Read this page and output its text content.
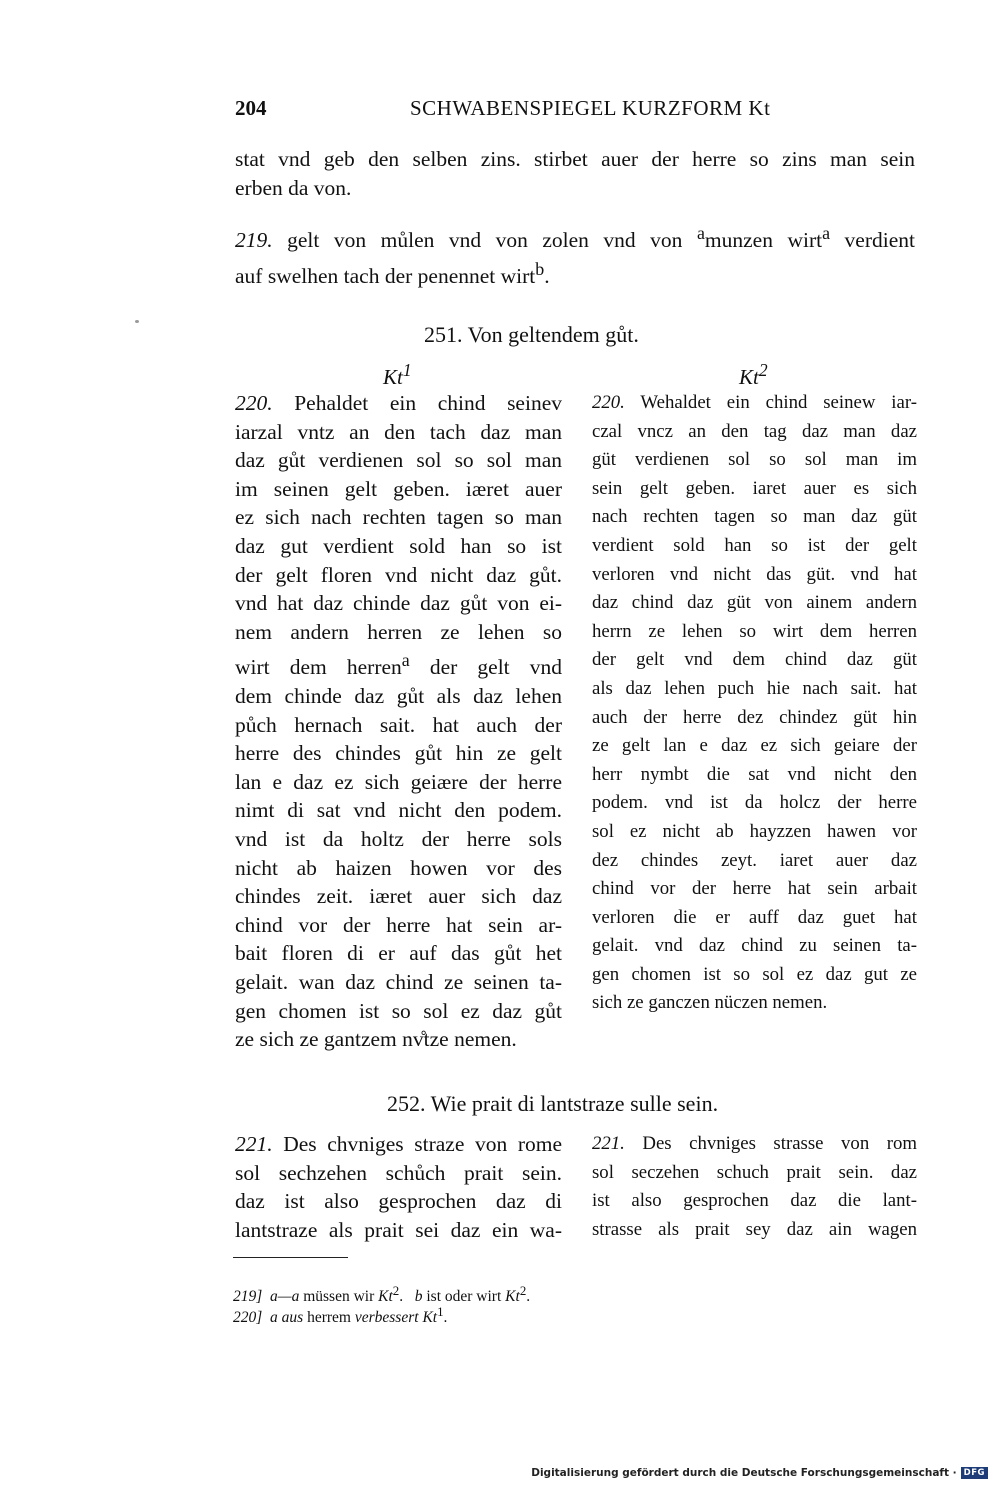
204	SCHWABENSPIEGEL KURZFORM Kt
stat vnd geb den selben zins. stirbet auer der herre so zins man sein
erben da von.
219. gelt von můlen vnd von zolen vnd von $^a$munzen wirt$^a$ verdient
auf swelhen tach der penennet wirt$^b$.
251. Von geltendem gůt.
Kt$^1$	Kt$^2$
220. Pehaldet ein chind seinev
iarzal vntz an den tach daz man
daz gůt verdienen sol so sol man
im seinen gelt geben. iæret auer
ez sich nach rechten tagen so man
daz gut verdient sold han so ist
der gelt floren vnd nicht daz gůt.
vnd hat daz chinde daz gůt von ei-
nem andern herren ze lehen so
wirt dem herren$^a$ der gelt vnd
dem chinde daz gůt als daz lehen
půch hernach sait. hat auch der
herre des chindes gůt hin ze gelt
lan e daz ez sich geiære der herre
nimt di sat vnd nicht den podem.
vnd ist da holtz der herre sols
nicht ab haizen howen vor des
chindes zeit. iæret auer sich daz
chind vor der herre hat sein ar-
bait floren di er auf das gůt het
gelait. wan daz chind ze seinen ta-
gen chomen ist so sol ez daz gůt
ze sich ze gantzem nv̊tze nemen.
220. Wehaldet ein chind seinew iar-
czal vncz an den tag daz man daz
güt verdienen sol so sol man im
sein gelt geben. iaret auer es sich
nach rechten tagen so man daz güt
verdient sold han so ist der gelt
verloren vnd nicht das güt. vnd hat
daz chind daz güt von ainem andern
herrn ze lehen so wirt dem herren
der gelt vnd dem chind daz güt
als daz lehen puch hie nach sait. hat
auch der herre dez chindez güt hin
ze gelt lan e daz ez sich geiare der
herr nymbt die sat vnd nicht den
podem. vnd ist da holcz der herre
sol ez nicht ab hayzzen hawen vor
dez chindes zeyt. iaret auer daz
chind vor der herre hat sein arbait
verloren die er auff daz guet hat
gelait. vnd daz chind zu seinen ta-
gen chomen ist so sol ez daz gut ze
sich ze ganczen nüczen nemen.
252. Wie prait di lantstraze sulle sein.
221. Des chvniges straze von rome
sol sechzehen schůch prait sein.
daz ist also gesprochen daz di
lantstraze als prait sei daz ein wa-
221. Des chvniges strasse von rom
sol seczehen schuch prait sein. daz
ist also gesprochen daz die lant-
strasse als prait sey daz ain wagen
219] a—a müssen wir Kt$^2$.   b ist oder wirt Kt$^2$.
220] a aus herrem verbessert Kt$^1$.
Digitalisierung gefördert durch die Deutsche Forschungsgemeinschaft · DFG
